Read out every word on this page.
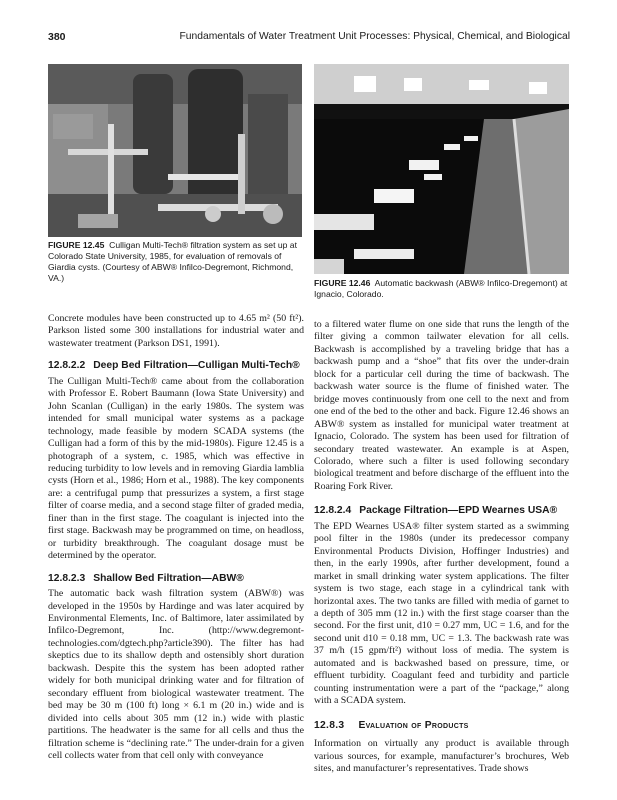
380	Fundamentals of Water Treatment Unit Processes: Physical, Chemical, and Biological
FIGURE 12.45 Culligan Multi-Tech® filtration system as set up at Colorado State University, 1985, for evaluation of removals of Giardia cysts. (Courtesy of ABW® Infilco-Degremont, Richmond, VA.)	FIGURE 12.46 Automatic backwash (ABW® Infilco-Dregemont) at Ignacio, Colorado.

Concrete modules have been constructed up to 4.65 m² (50 ft²). Parkson listed some 300 installations for industrial water and wastewater treatment (Parkson DS1, 1991).

12.8.2.2 Deep Bed Filtration—Culligan Multi-Tech®

The Culligan Multi-Tech® came about from the collaboration with Professor E. Robert Baumann (Iowa State University) and John Scanlan (Culligan) in the early 1980s. The system was intended for small municipal water systems as a package technology, made feasible by modern SCADA systems (the Culligan had a form of this by the mid-1980s). Figure 12.45 is a photograph of a system, c. 1985, which was effective in reducing turbidity to low levels and in removing Giardia lamblia cysts (Horn et al., 1986; Horn et al., 1988). The key components are: a centrifugal pump that pressurizes a system, a first stage filter of coarse media, and a second stage filter of graded media, finer than in the first stage. The coagulant is injected into the first stage. Backwash may be programmed on time, on headloss, or turbidity breakthrough. The coagulant dosage must be determined by the operator.

12.8.2.3 Shallow Bed Filtration—ABW®

The automatic back wash filtration system (ABW®) was developed in the 1950s by Hardinge and was later acquired by Environmental Elements, Inc. of Baltimore, later assimilated by Infilco-Degremont, Inc. (http://www.degremont-technologies.com/dgtech.php?article390). The filter has had skeptics due to its shallow depth and ostensibly short duration backwash. Despite this the system has been adopted rather widely for both municipal drinking water and for filtration of secondary effluent from biological wastewater treatment. The bed may be 30 m (100 ft) long × 6.1 m (20 in.) wide and is divided into cells about 305 mm (12 in.) wide with plastic partitions. The headwater is the same for all cells and thus the filtration scheme is “declining rate.” The under-drain for a given cell collects water from that cell only with conveyance

to a filtered water flume on one side that runs the length of the filter giving a common tailwater elevation for all cells. Backwash is accomplished by a traveling bridge that has a backwash pump and a “shoe” that fits over the under-drain block for a particular cell during the time of backwash. The backwash water source is the flume of finished water. The bridge moves continuously from one cell to the next and from one end of the bed to the other and back. Figure 12.46 shows an ABW® system as installed for municipal water treatment at Ignacio, Colorado. The system has been used for filtration of secondary treated wastewater. An example is at Aspen, Colorado, where such a filter is used following secondary biological treatment and before discharge of the effluent into the Roaring Fork River.

12.8.2.4 Package Filtration—EPD Wearnes USA®

The EPD Wearnes USA® filter system started as a swimming pool filter in the 1980s (under its predecessor company Environmental Products Division, Hoffinger Industries) and then, in the early 1990s, after further development, found a market in small drinking water system applications. The filter system is two stage, each stage in a cylindrical tank with horizontal axes. The two tanks are filled with media of garnet to a depth of 305 mm (12 in.) with the first stage coarser than the second. For the first unit, d10 = 0.27 mm, UC = 1.6, and for the second unit d10 = 0.18 mm, UC = 1.3. The backwash rate was 37 m/h (15 gpm/ft²) without loss of media. The system is automated and is backwashed based on pressure, time, or effluent turbidity. Coagulant feed and turbidity and particle counting instrumentation were a part of the “package,” along with a SCADA system.

12.8.3 Evaluation of Products

Information on virtually any product is available through various sources, for example, manufacturer’s brochures, Web sites, and manufacturer’s representatives. Trade shows
